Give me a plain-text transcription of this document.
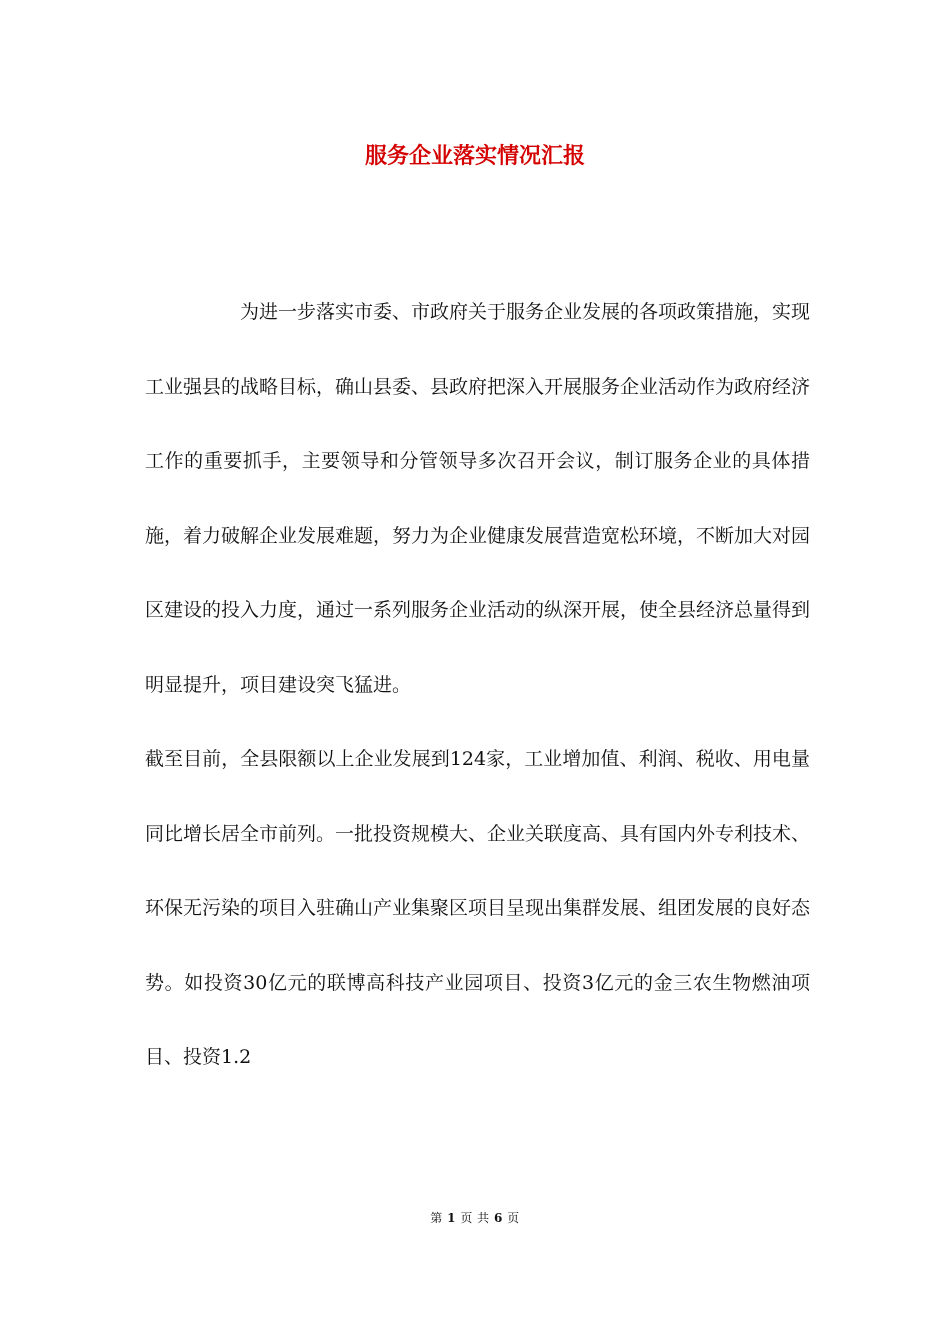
服务企业落实情况汇报

为进一步落实市委、市政府关于服务企业发展的各项政策措施，实现工业强县的战略目标，确山县委、县政府把深入开展服务企业活动作为政府经济工作的重要抓手，主要领导和分管领导多次召开会议，制订服务企业的具体措施，着力破解企业发展难题，努力为企业健康发展营造宽松环境，不断加大对园区建设的投入力度，通过一系列服务企业活动的纵深开展，使全县经济总量得到明显提升，项目建设突飞猛进。

截至目前，全县限额以上企业发展到124家，工业增加值、利润、税收、用电量同比增长居全市前列。一批投资规模大、企业关联度高、具有国内外专利技术、环保无污染的项目入驻确山产业集聚区项目呈现出集群发展、组团发展的良好态势。如投资30亿元的联博高科技产业园项目、投资3亿元的金三农生物燃油项目、投资1.2

第 1 页 共 6 页
